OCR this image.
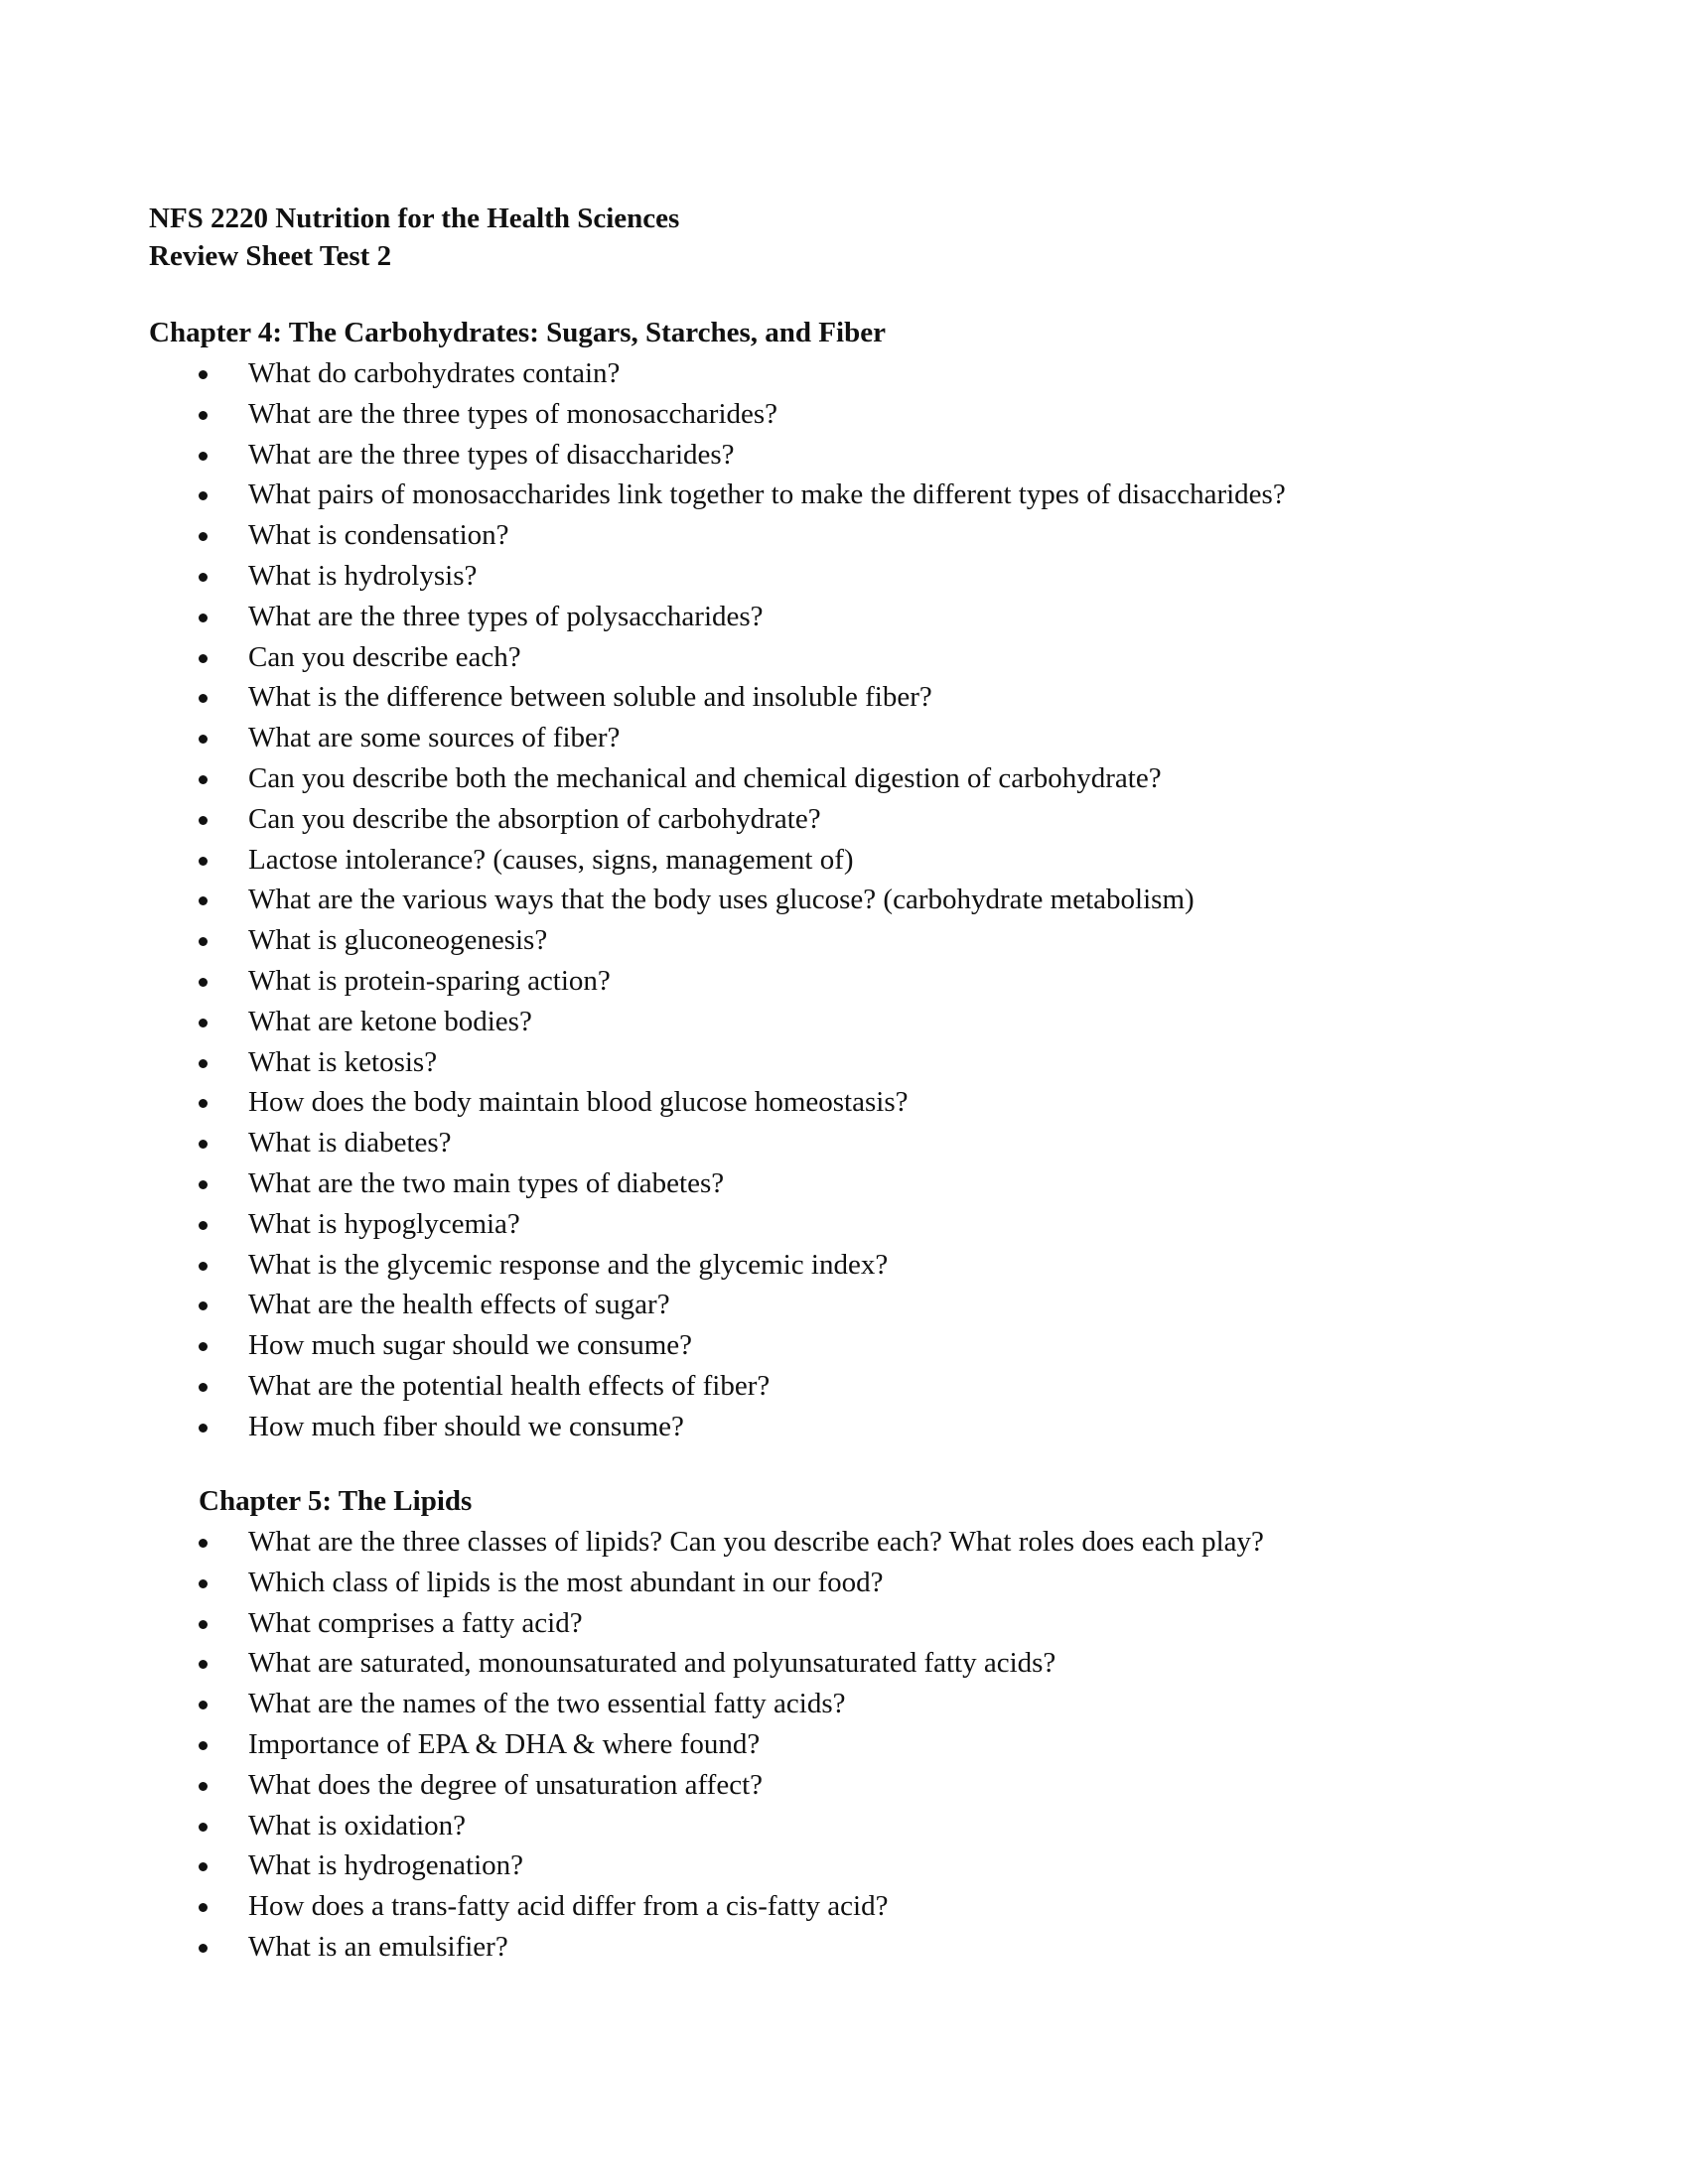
NFS 2220 Nutrition for the Health Sciences
Review Sheet Test 2
Chapter 4: The Carbohydrates: Sugars, Starches, and Fiber
What do carbohydrates contain?
What are the three types of monosaccharides?
What are the three types of disaccharides?
What pairs of monosaccharides link together to make the different types of disaccharides?
What is condensation?
What is hydrolysis?
What are the three types of polysaccharides?
Can you describe each?
What is the difference between soluble and insoluble fiber?
What are some sources of fiber?
Can you describe both the mechanical and chemical digestion of carbohydrate?
Can you describe the absorption of carbohydrate?
Lactose intolerance? (causes, signs, management of)
What are the various ways that the body uses glucose? (carbohydrate metabolism)
What is gluconeogenesis?
What is protein-sparing action?
What are ketone bodies?
What is ketosis?
How does the body maintain blood glucose homeostasis?
What is diabetes?
What are the two main types of diabetes?
What is hypoglycemia?
What is the glycemic response and the glycemic index?
What are the health effects of sugar?
How much sugar should we consume?
What are the potential health effects of fiber?
How much fiber should we consume?
Chapter 5: The Lipids
What are the three classes of lipids? Can you describe each? What roles does each play?
Which class of lipids is the most abundant in our food?
What comprises a fatty acid?
What are saturated, monounsaturated and polyunsaturated fatty acids?
What are the names of the two essential fatty acids?
Importance of EPA & DHA & where found?
What does the degree of unsaturation affect?
What is oxidation?
What is hydrogenation?
How does a trans-fatty acid differ from a cis-fatty acid?
What is an emulsifier?
